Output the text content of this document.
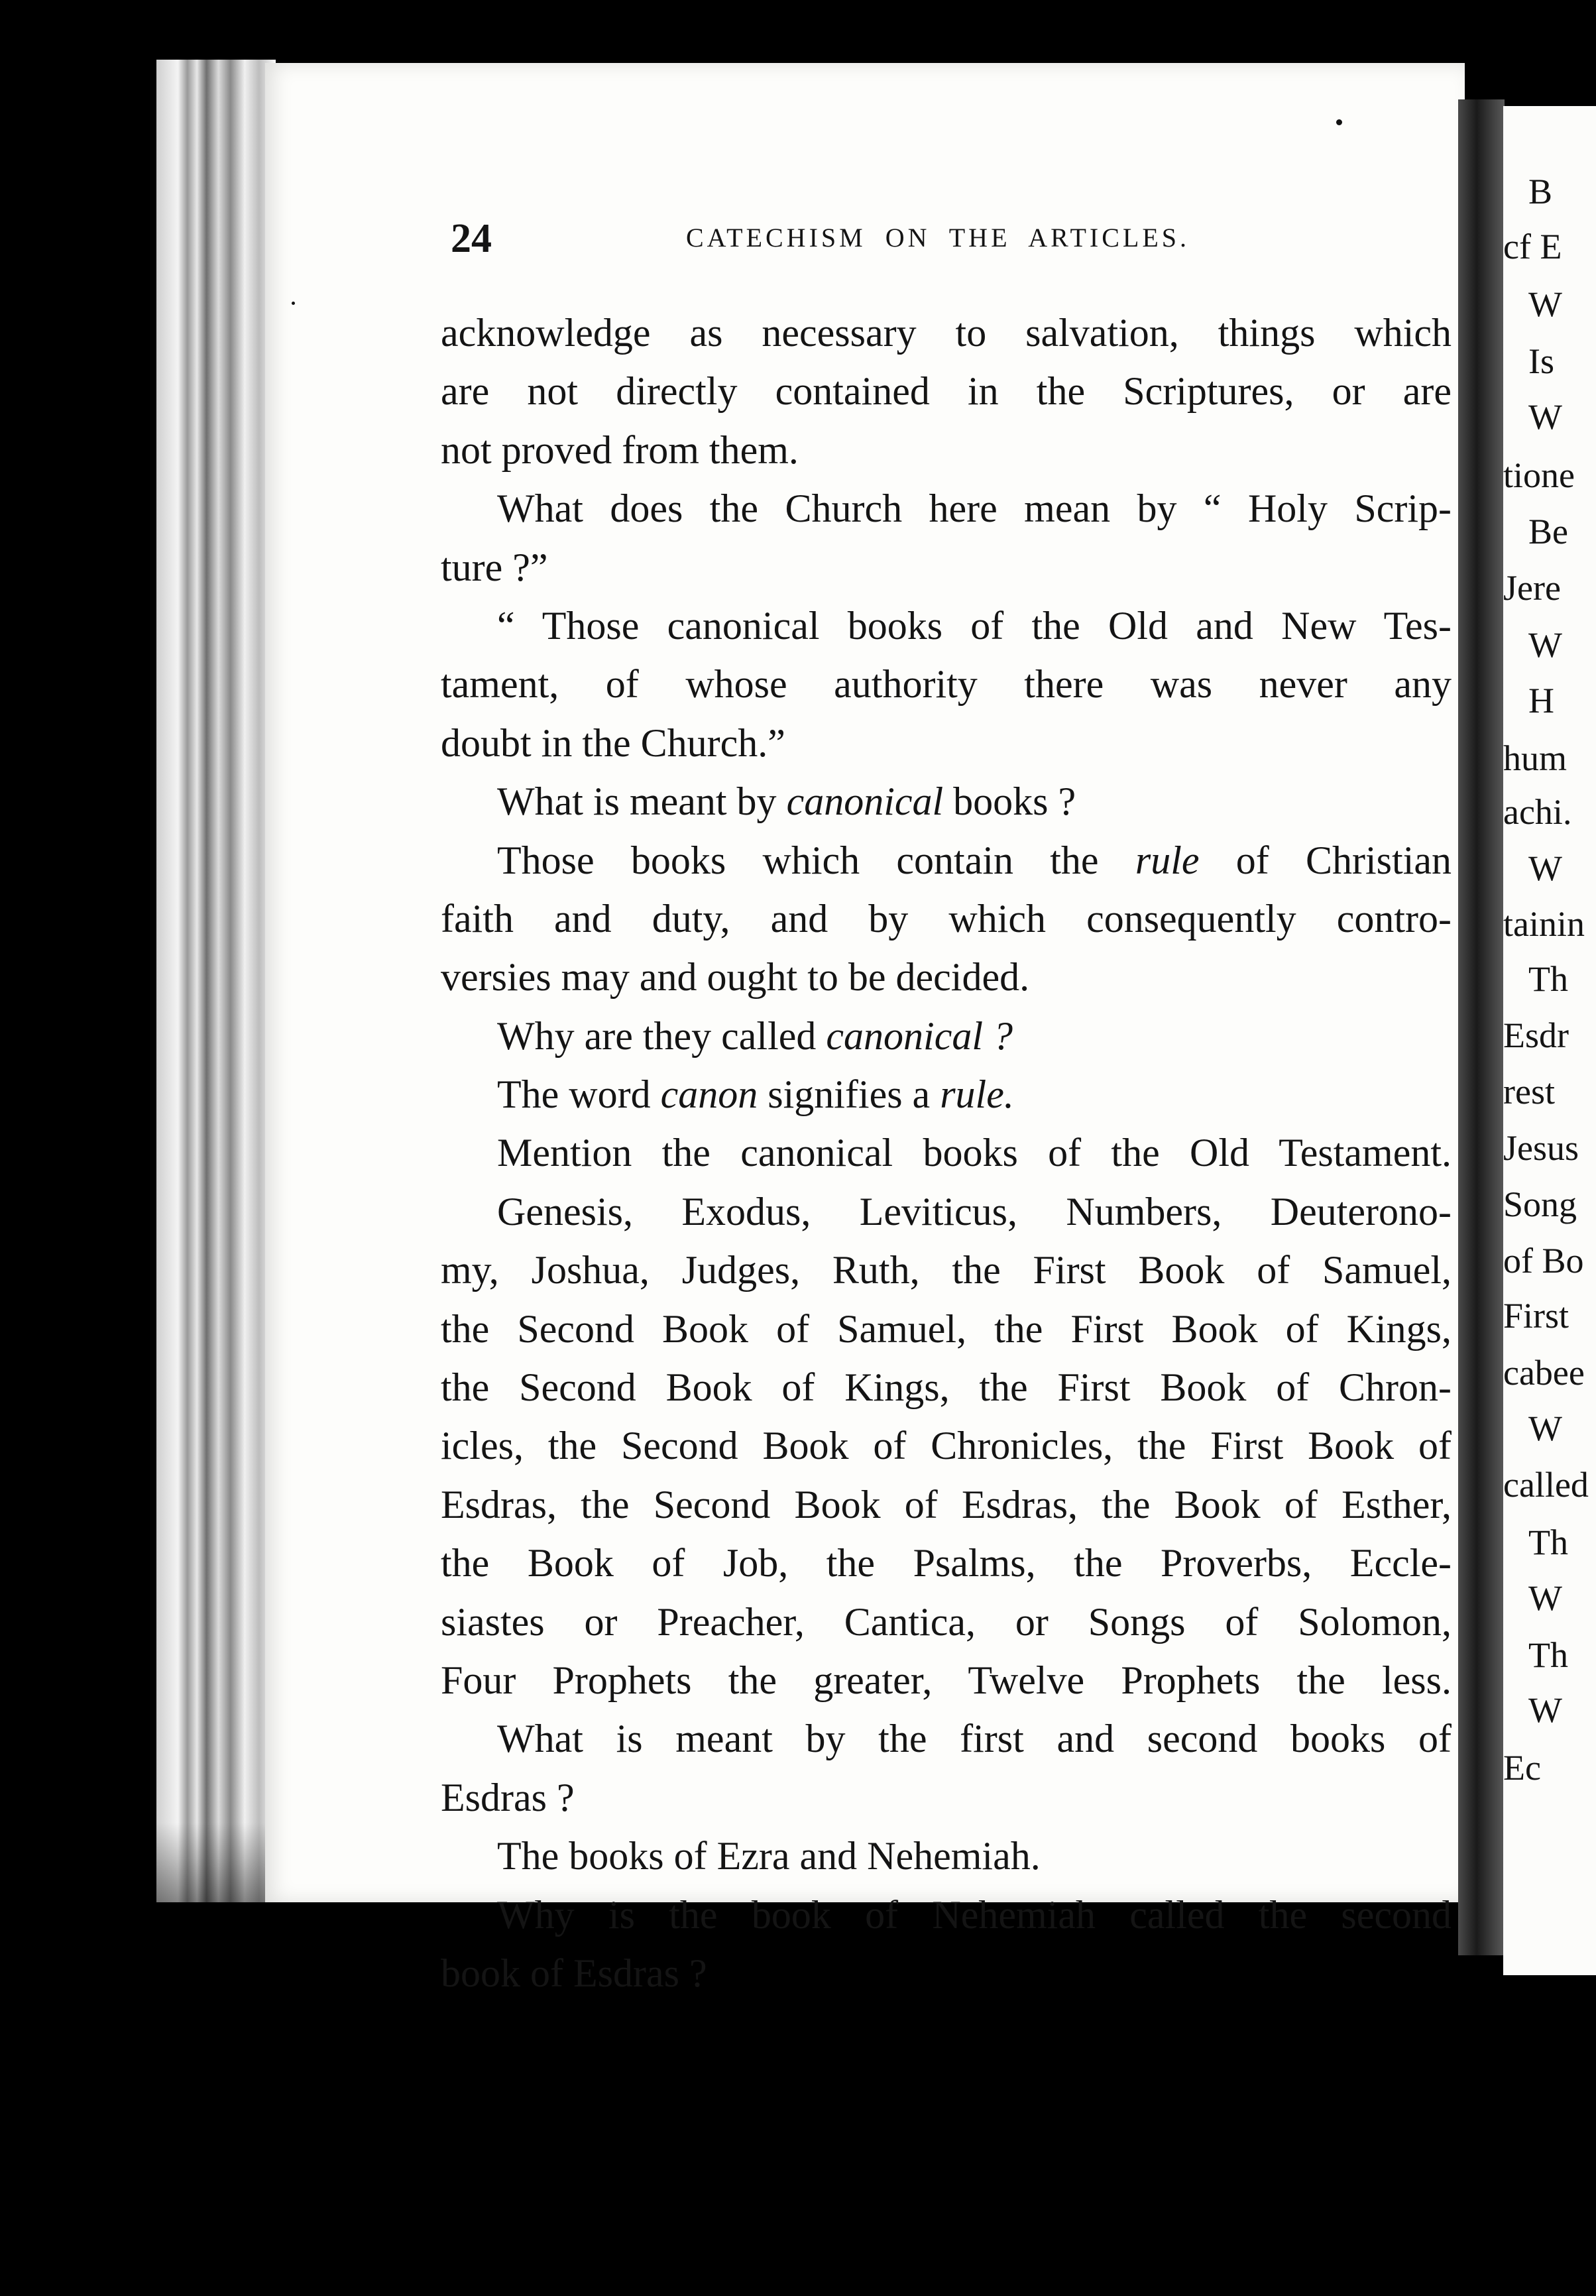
B
cf E
W
Is
W
tione
Be
Jere
W
H
hum
achi.
W
tainin
Th
Esdr
rest
Jesus
Song
of Bo
First
cabee
W
called
Th
W
Th
W
Ec
24	CATECHISM ON THE ARTICLES.
acknowledge as necessary to salvation, things which
are not directly contained in the Scriptures, or are
not proved from them.
What does the Church here mean by “ Holy Scrip-
ture ?”
“ Those canonical books of the Old and New Tes-
tament, of whose authority there was never any
doubt in the Church.”
What is meant by canonical books ?
Those books which contain the rule of Christian
faith and duty, and by which consequently contro-
versies may and ought to be decided.
Why are they called canonical ?
The word canon signifies a rule.
Mention the canonical books of the Old Testament.
Genesis, Exodus, Leviticus, Numbers, Deuterono-
my, Joshua, Judges, Ruth, the First Book of Samuel,
the Second Book of Samuel, the First Book of Kings,
the Second Book of Kings, the First Book of Chron-
icles, the Second Book of Chronicles, the First Book of
Esdras, the Second Book of Esdras, the Book of Esther,
the Book of Job, the Psalms, the Proverbs, Eccle-
siastes or Preacher, Cantica, or Songs of Solomon,
Four Prophets the greater, Twelve Prophets the less.
What is meant by the first and second books of
Esdras ?
The books of Ezra and Nehemiah.
Why is the book of Nehemiah called the second
book of Esdras ?
